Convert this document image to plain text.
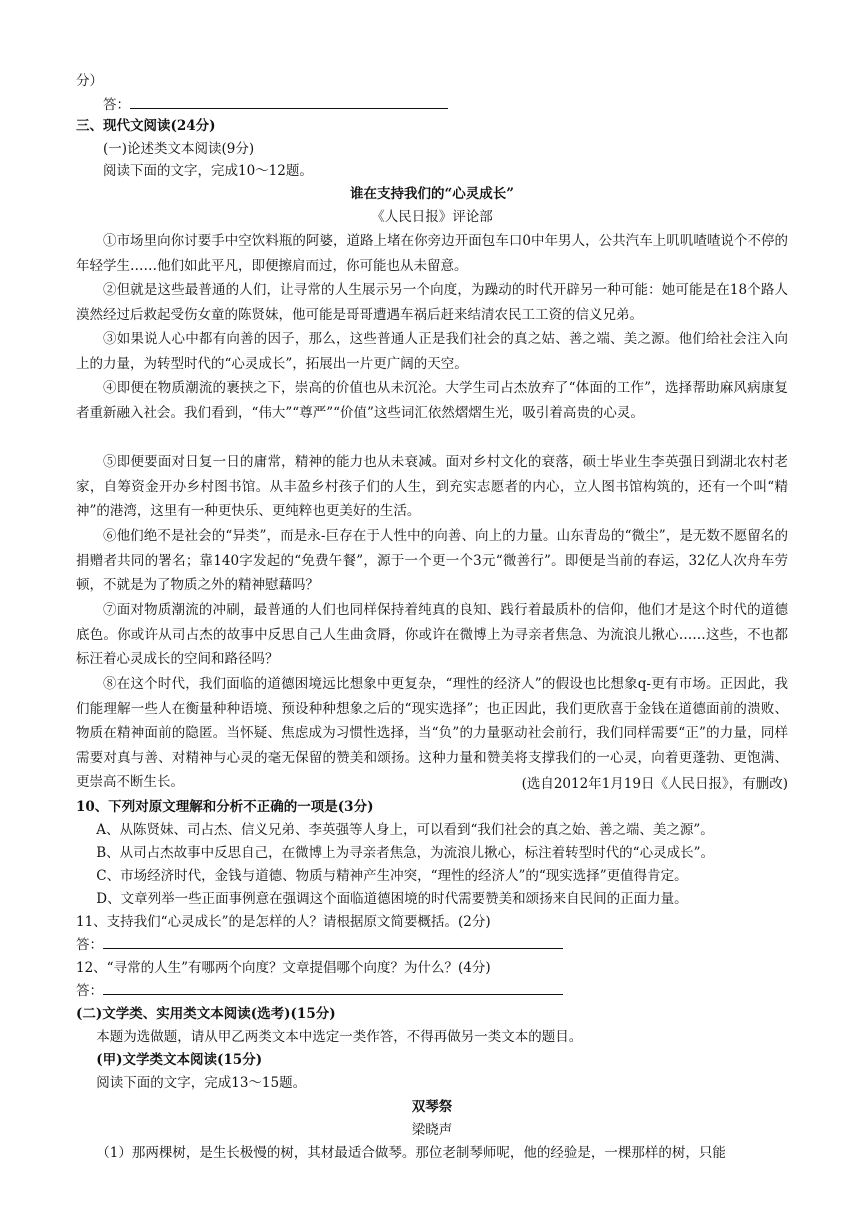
分）
答：
三、现代文阅读(24分)
(一)论述类文本阅读(9分)
阅读下面的文字，完成10～12题。
谁在支持我们的“心灵成长”
《人民日报》评论部
①市场里向你讨要手中空饮料瓶的阿婆，道路上堵在你旁边开面包车口0中年男人，公共汽车上叽叽喳喳说个不停的年轻学生……他们如此平凡，即便擦肩而过，你可能也从未留意。
②但就是这些最普通的人们，让寻常的人生展示另一个向度，为躁动的时代开辟另一种可能：她可能是在18个路人漠然经过后救起受伤女童的陈贤妹，他可能是哥哥遭遇车祸后赶来结清农民工工资的信义兄弟。
③如果说人心中都有向善的因子，那么，这些普通人正是我们社会的真之姑、善之端、美之源。他们给社会注入向上的力量，为转型时代的“心灵成长”，拓展出一片更广阔的天空。
④即便在物质潮流的裹挟之下，崇高的价值也从未沉沦。大学生司占杰放弃了“体面的工作”，选择帮助麻风病康复者重新融入社会。我们看到，“伟大”“尊严”“价值”这些词汇依然熠熠生光，吸引着高贵的心灵。
⑤即便要面对日复一日的庸常，精神的能力也从未衰减。面对乡村文化的衰落，硕士毕业生李英强日到湖北农村老家，自筹资金开办乡村图书馆。从丰盈乡村孩子们的人生，到充实志愿者的内心，立人图书馆构筑的，还有一个叫“精神”的港湾，这里有一种更快乐、更纯粹也更美好的生活。
⑥他们绝不是社会的“异类”，而是永-巨存在于人性中的向善、向上的力量。山东青岛的“微尘”，是无数不愿留名的捐赠者共同的署名；靠140字发起的“免费午餐”，源于一个更一个3元“微善行”。即便是当前的春运，32亿人次舟车劳顿，不就是为了物质之外的精神慰藉吗？
⑦面对物质潮流的冲刷，最普通的人们也同样保持着纯真的良知、践行着最质朴的信仰，他们才是这个时代的道德底色。你或许从司占杰的故事中反思自己人生曲贪脣，你或许在微博上为寻亲者焦急、为流浪儿揪心……这些，不也都标汪着心灵成长的空间和路径吗？
⑧在这个时代，我们面临的道德困境远比想象中更复杂，“理性的经济人”的假设也比想象q-更有市场。正因此，我们能理解一些人在衡量种种语境、预设种种想象之后的“现实选择”；也正因此，我们更欣喜于金钱在道德面前的溃败、物质在精神面前的隐匿。当怀疑、焦虑成为习惯性选择，当“负”的力量驱动社会前行，我们同样需要“正”的力量，同样需要对真与善、对精神与心灵的毫无保留的赞美和颂扬。这种力量和赞美将支撑我们的一心灵，向着更蓬勃、更饱满、更崇高不断生长。	(选自2012年1月19日《人民日报》，有删改)
10、下列对原文理解和分析不正确的一项是(3分)
A、从陈贤妹、司占杰、信义兄弟、李英强等人身上，可以看到“我们社会的真之始、善之端、美之源”。
B、从司占杰故事中反思自己，在微博上为寻亲者焦急，为流浪儿揪心，标注着转型时代的“心灵成长”。
C、市场经济时代，金钱与道德、物质与精神产生冲突，“理性的经济人”的“现实选择”更值得肯定。
D、文章列举一些正面事例意在强调这个面临道德困境的时代需要赞美和颂扬来自民间的正面力量。
11、支持我们“心灵成长”的是怎样的人？请根据原文简要概括。(2分)
答：
12、“寻常的人生”有哪两个向度？文章提倡哪个向度？为什么？(4分)
答：
(二)文学类、实用类文本阅读(选考)(15分)
本题为选做题，请从甲乙两类文本中选定一类作答，不得再做另一类文本的题目。
(甲)文学类文本阅读(15分)
阅读下面的文字，完成13～15题。
双琴祭
梁晓声
（1）那两棵树，是生长极慢的树，其材最适合做琴。那位老制琴师呢，他的经验是，一棵那样的树，只能
